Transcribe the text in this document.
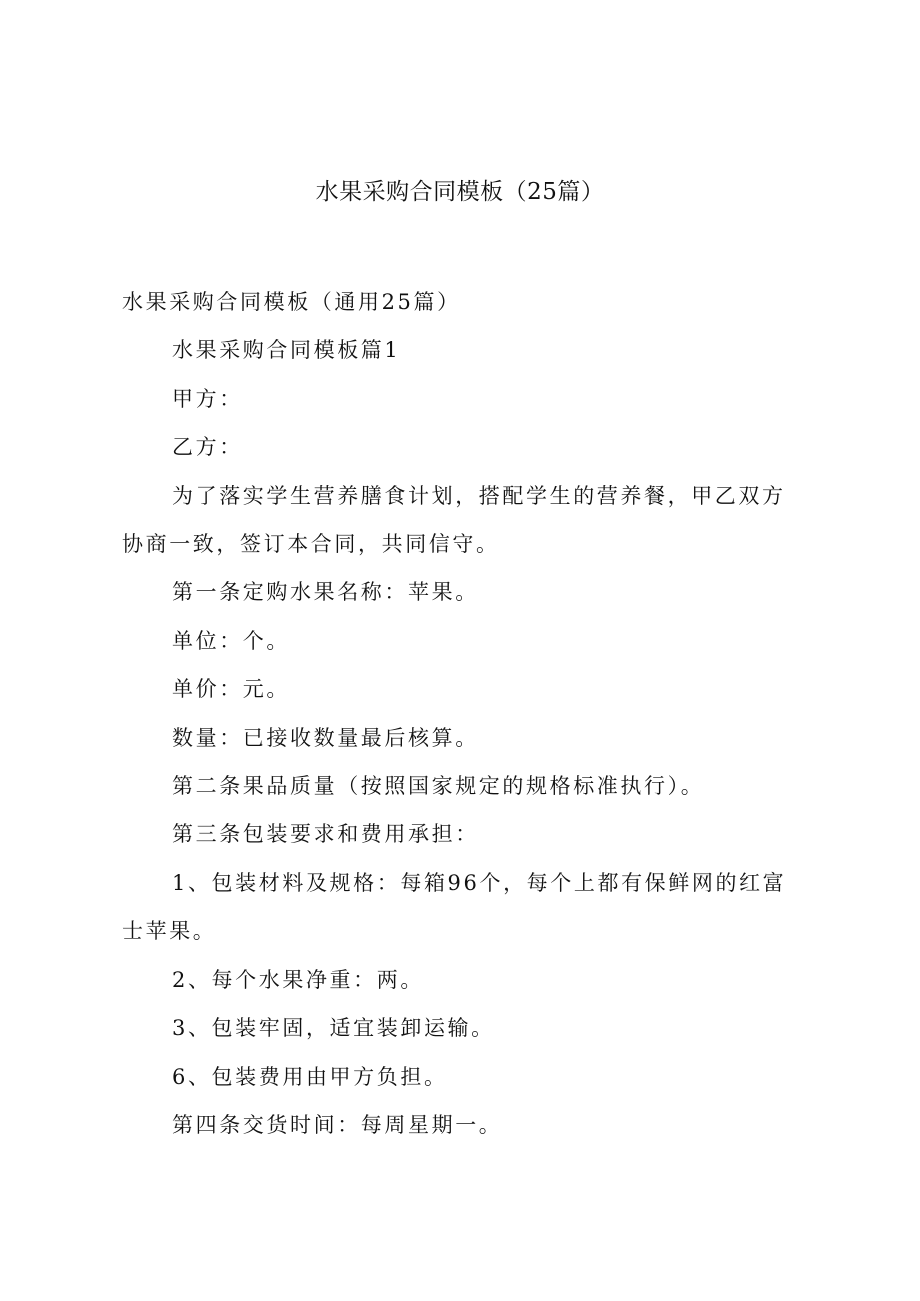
水果采购合同模板（25篇）

水果采购合同模板（通用25篇）

水果采购合同模板篇1

甲方：

乙方：

为了落实学生营养膳食计划，搭配学生的营养餐，甲乙双方协商一致，签订本合同，共同信守。

第一条定购水果名称：苹果。

单位：个。

单价：元。

数量：已接收数量最后核算。

第二条果品质量（按照国家规定的规格标准执行）。

第三条包装要求和费用承担：

1、包装材料及规格：每箱96个，每个上都有保鲜网的红富士苹果。

2、每个水果净重：两。

3、包装牢固，适宜装卸运输。

6、包装费用由甲方负担。

第四条交货时间：每周星期一。
